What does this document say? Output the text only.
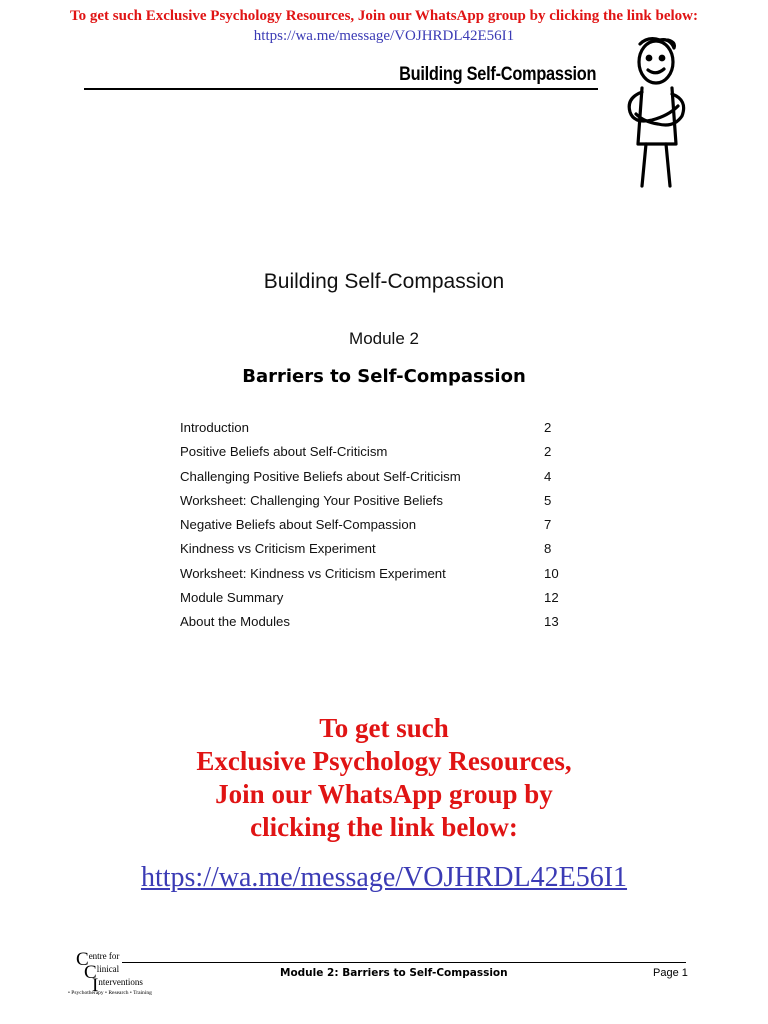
To get such Exclusive Psychology Resources, Join our WhatsApp group by clicking the link below:
https://wa.me/message/VOJHRDL42E56I1
Building Self-Compassion
Building Self-Compassion
Module 2
Barriers to Self-Compassion
Introduction	2
Positive Beliefs about Self-Criticism	2
Challenging Positive Beliefs about Self-Criticism	4
Worksheet: Challenging Your Positive Beliefs	5
Negative Beliefs about Self-Compassion	7
Kindness vs Criticism Experiment	8
Worksheet: Kindness vs Criticism Experiment	10
Module Summary	12
About the Modules	13
To get such
Exclusive Psychology Resources,
Join our WhatsApp group by
clicking the link below:
https://wa.me/message/VOJHRDL42E56I1
Centre for
Clinical
Interventions
• Psychotherapy • Research • Training
Module 2: Barriers to Self-Compassion	Page 1
